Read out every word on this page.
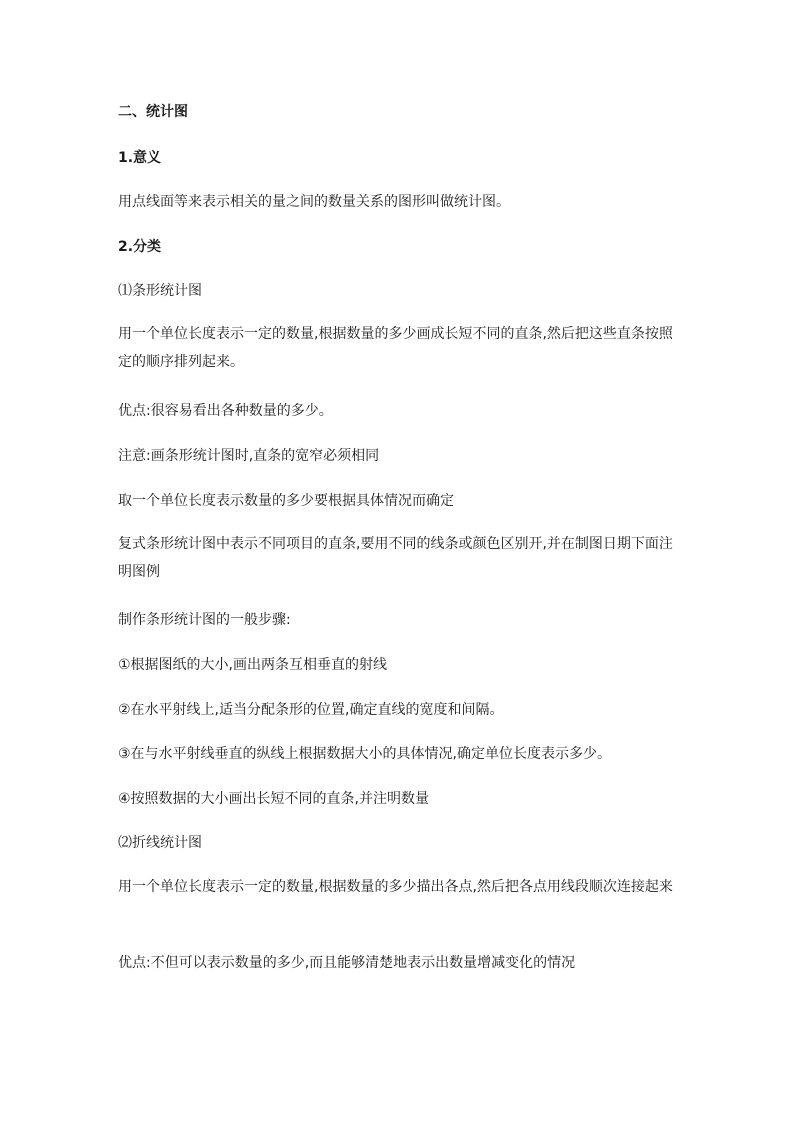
二、统计图
1.意义
用点线面等来表示相关的量之间的数量关系的图形叫做统计图。
2.分类
⑴条形统计图
用一个单位长度表示一定的数量,根据数量的多少画成长短不同的直条,然后把这些直条按照定的顺序排列起来。
优点:很容易看出各种数量的多少。
注意:画条形统计图时,直条的宽窄必须相同
取一个单位长度表示数量的多少要根据具体情况而确定
复式条形统计图中表示不同项目的直条,要用不同的线条或颜色区别开,并在制图日期下面注明图例
制作条形统计图的一般步骤:
①根据图纸的大小,画出两条互相垂直的射线
②在水平射线上,适当分配条形的位置,确定直线的宽度和间隔。
③在与水平射线垂直的纵线上根据数据大小的具体情况,确定单位长度表示多少。
④按照数据的大小画出长短不同的直条,并注明数量
⑵折线统计图
用一个单位长度表示一定的数量,根据数量的多少描出各点,然后把各点用线段顺次连接起来
优点:不但可以表示数量的多少,而且能够清楚地表示出数量增减变化的情况
